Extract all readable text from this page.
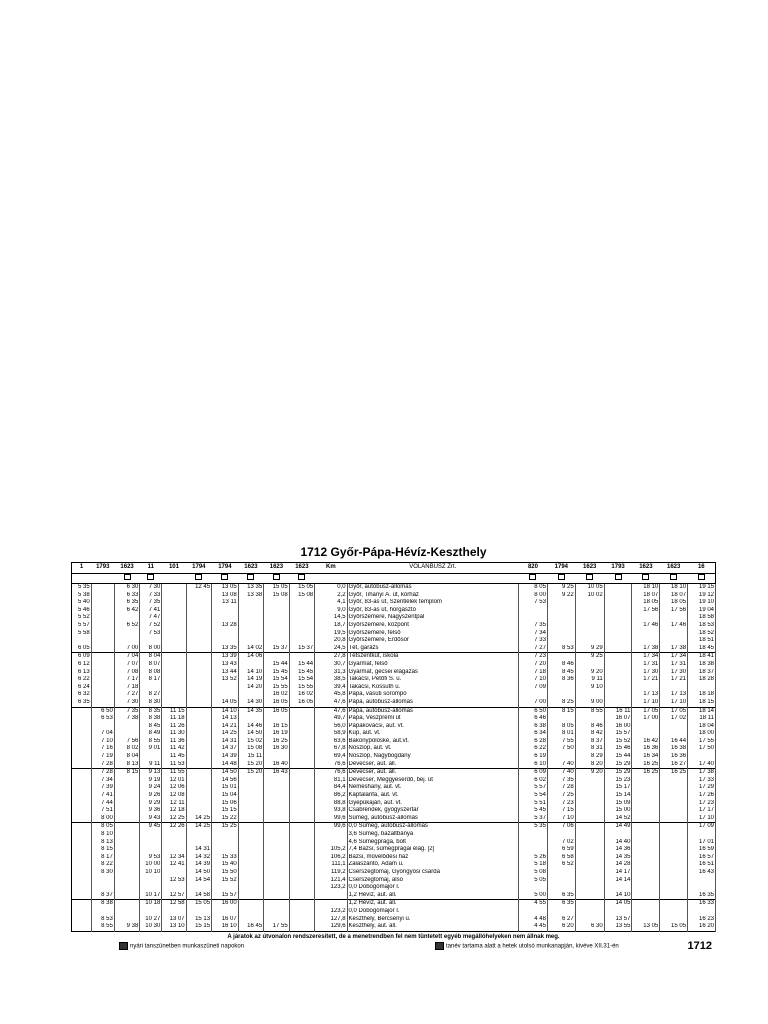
1712 Győr-Pápa-Hévíz-Keszthely
1	1793	1623	11	101	1794	1794	1623	1623	1623	Km	VOLÁNBUSZ Zrt.	820	1794	1623	1793	1623	1623	16

5 35		6 30	7 30		12 45	13 05	13 35	15 05	15 05	0,0	Győr, autóbusz-állomás	8 05	9 25	10 05		18 10	18 10	19 15
5 38		6 33	7 33			13 08	13 38	15 08	15 08	2,2	Győr, Tihanyi Á. út, kórház	8 00	9 22	10 02		18 07	18 07	19 12
5 40		6 35	7 35			13 11				4,1	Győr, 83-as út, Szentlélek templom	7 53				18 05	18 05	19 10
5 46		6 42	7 41							9,0	Győr, 83-as út, horgásztó					17 56	17 56	19 04
5 52			7 47							14,5	Győrszemere, Nagyszentpál							18 58
5 57		6 52	7 52			13 28				18,7	Győrszemere, központ	7 35				17 46	17 46	18 53
5 58			7 53							19,5	Győrszemere, felső	7 34						18 52
										20,8	Győrszemere, Erdősor	7 33						18 51
6 05		7 00	8 00			13 35	14 02	15 37	15 37	24,5	Tét, garázs	7 27	8 53	9 29		17 38	17 38	18 45
6 09		7 04	8 04			13 39	14 06			27,8	Tétszentkút, iskola	7 23		9 25		17 34	17 34	18 41
6 12		7 07	8 07			13 43		15 44	15 44	30,7	Gyarmat, felső	7 20	8 46			17 31	17 31	18 38
6 13		7 08	8 08			13 44	14 10	15 45	15 45	31,3	Gyarmat, gecsei elágazás	7 18	8 45	9 20		17 30	17 30	18 37
6 22		7 17	8 17			13 52	14 19	15 54	15 54	38,5	Takácsi, Petőfi S. u.	7 10	8 36	9 11		17 21	17 21	18 28
6 24		7 18					14 20	15 55	15 55	39,4	Takácsi, Kossuth u.	7 09		9 10				
6 32		7 27	8 27					16 02	16 02	45,8	Pápa, vasúti sorompó					17 13	17 13	18 18
6 35		7 30	8 30			14 05	14 30	16 05	16 05	47,6	Pápa, autóbusz-állomás	7 00	8 25	9 00		17 10	17 10	18 15
	6 50	7 35	8 35	11 15		14 10	14 35	16 05		47,6	Pápa, autóbusz-állomás	6 50	8 15	8 55	16 11	17 05	17 05	18 14
	6 53	7 38	8 38	11 18		14 13				49,7	Pápa, Veszprémi út	6 46			16 07	17 00	17 02	18 11
			8 45	11 26		14 21	14 46	16 15		56,0	Pápakovácsi, aut. vt.	6 38	8 05	8 46	16 00			18 04
	7 04		8 49	11 30		14 25	14 50	16 19		58,9	Kup, aut. vt.	6 34	8 01	8 42	15 57			18 00
	7 10	7 56	8 55	11 36		14 31	15 02	16 25		63,6	Bakonypölöske, aut.vt.	6 28	7 55	8 37	15 52	16 42	16 44	17 55
	7 16	8 02	9 01	11 42		14 37	15 08	16 30		67,8	Noszlop, aut. vt.	6 22	7 50	8 31	15 46	16 36	16 38	17 50
	7 19	8 04		11 45		14 39	15 11			69,4	Noszlop, Nagybogdány	6 19		8 29	15 44	16 34	16 36	
	7 28	8 13	9 11	11 53		14 48	15 20	16 40		76,6	Devecser, aut. áll.	6 10	7 40	8 20	15 29	16 25	16 27	17 40
	7 28	8 15	9 13	11 55		14 50	15 20	16 43		76,6	Devecser, aut. áll.	6 09	7 40	9 20	15 29	16 25	16 25	17 38
	7 34		9 19	12 01		14 56				81,1	Devecser, Meggyeserdő, bej. út	6 02	7 35		15 23			17 33
	7 39		9 24	12 06		15 01				84,4	Nemeshany, aut. vt.	5 57	7 28		15 17			17 29
	7 41		9 26	12 08		15 04				86,2	Káptalanfa, aut. vt.	5 54	7 25		15 14			17 26
	7 44		9 29	12 11		15 06				88,8	Gyepükaján, aut. vt.	5 51	7 23		15 09			17 23
	7 51		9 36	12 18		15 15				93,8	Csabrendek, gyógyszertár	5 45	7 15		15 00			17 17
	8 00		9 43	12 25	14 25	15 22				99,6	Sümeg, autóbusz-állomás	5 37	7 10		14 52			17 10
	8 05		9 45	12 26	14 25	15 25				99,6	0,0 Sümeg, autóbusz-állomás	5 35	7 06		14 49			17 09
	8 10										3,6 Sümeg, bazaltbánya							
	8 13										4,6 Sümegprága, bolt		7 02		14 40			17 01
	8 15				14 31					105,2	7,4 Bazsi, sümegprágai elág. [2]		6 59		14 36			16 59
	8 17		9 53	12 34	14 32	15 33				106,2	Bazsi, művelődési ház	5 26	6 58		14 35			16 57
	8 22		10 00	12 41	14 39	15 40				111,1	Zalaszántó, Ádám u.	5 18	6 52		14 28			16 51
	8 30		10 10		14 50	15 50				119,2	Cserszegtomaj, Gyöngyösi csárda	5 08			14 17			16 43
				12 53	14 54	15 52				121,4	Cserszegtomaj, alsó	5 05			14 14			
										123,2	0,0 Dobogómajor I.							
	8 37		10 17	12 57	14 58	15 57					1,2 Hévíz, aut. áll.	5 00	6 35		14 10			16 35
	8 38		10 18	12 58	15 05	16 00					1,2 Hévíz, aut. áll.	4 55	6 35		14 05			16 33
										123,2	0,0 Dobogómajor I.							
	8 53		10 27	13 07	15 13	16 07				127,8	Keszthely, Bercsényi u.	4 48	6 27		13 57			16 23
	8 55	9 38	10 30	13 10	15 15	16 10	16 45	17 55		129,6	Keszthely, aut. áll.	4 45	6 20	6 30	13 55	13 05	15 05	16 20
A járatok az útvonalon rendszeresített, de a menetrendben fel nem tüntetett egyéb megállóhelyeken nem állnak meg.
nyári tanszünetben munkaszüneti napokon	tanév tartama alatt a hetek utolsó munkanapján, kivéve XII.31-én	1712
